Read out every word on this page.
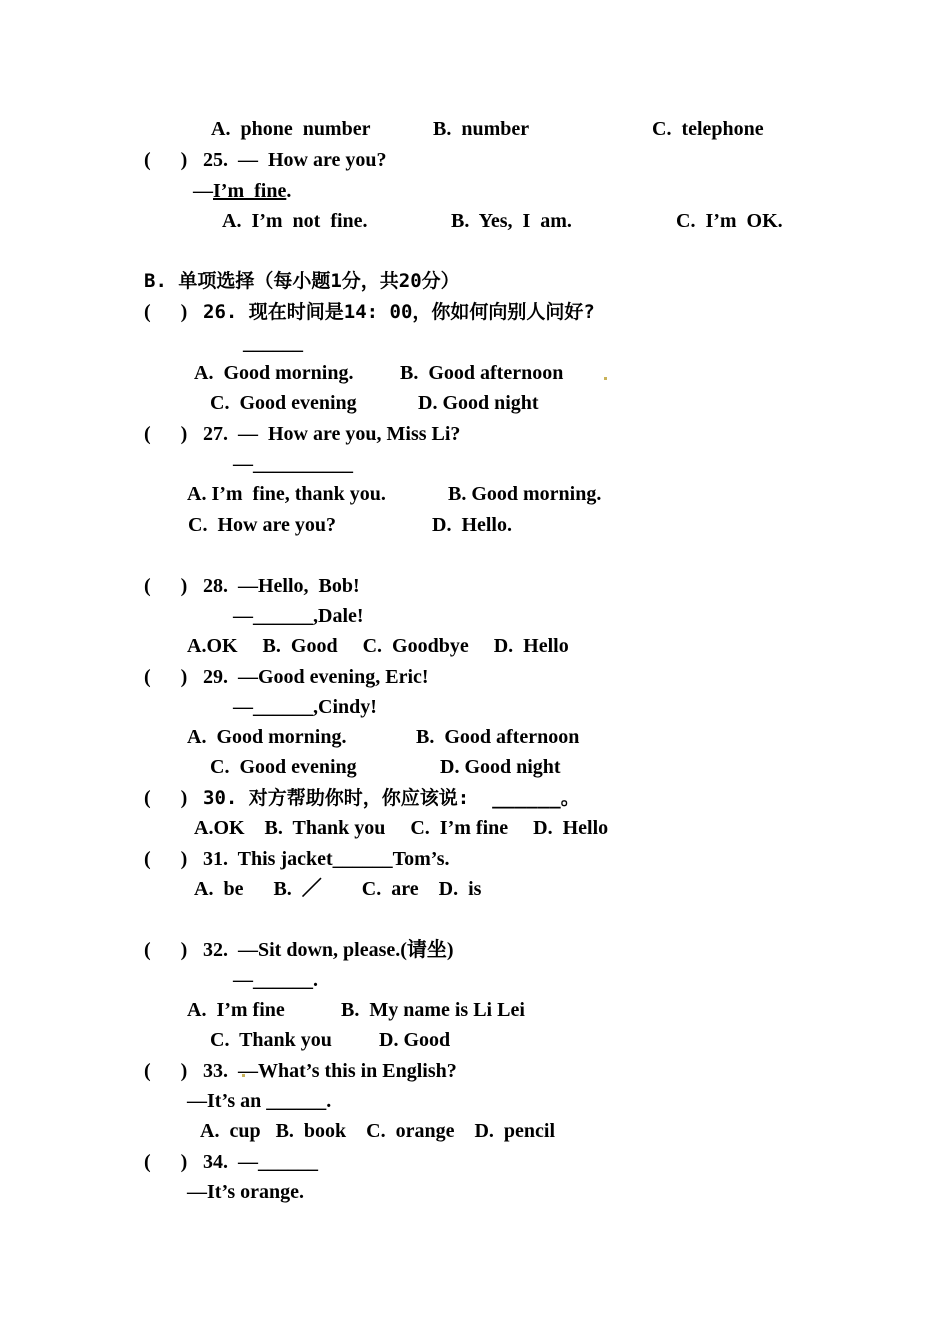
A.  phone  number	B.  number	C.  telephone
(      ) 25.  —  How are you?
—I’m  fine.
A.  I’m  not  fine.	B.  Yes,  I  am.	C.  I’m  OK.
B. 单项选择（每小题1分，共20分）
(      ) 26. 现在时间是14: 00，你如何向别人问好?
______
A.  Good morning. B.  Good afternoon
C.  Good evening	D. Good night
(      ) 27.  —  How are you, Miss Li?
—__________
A. I’m  fine, thank you.	B. Good morning.
C.  How are you?	D.  Hello.
(      ) 28.  —Hello,  Bob!
—______,Dale!
A.OK     B.  Good     C.  Goodbye     D.  Hello
(      ) 29.  —Good evening, Eric!
—______,Cindy!
A.  Good morning.	B.  Good afternoon
C.  Good evening	D. Good night
(      ) 30. 对方帮助你时，你应该说:  ______。
A.OK    B.  Thank you     C.  I’m fine     D.  Hello
(      ) 31.  This jacket______Tom’s.
A.  be      B.  ／        C.  are    D.  is
(      ) 32.  —Sit down, please.(请坐)
—______.
A.  I’m fine	B.  My name is Li Lei
C.  Thank you D. Good
(      ) 33.  —What’s this in English?
—It’s an ______.
A.  cup   B.  book    C.  orange    D.  pencil
(      ) 34.  —______
—It’s orange.
